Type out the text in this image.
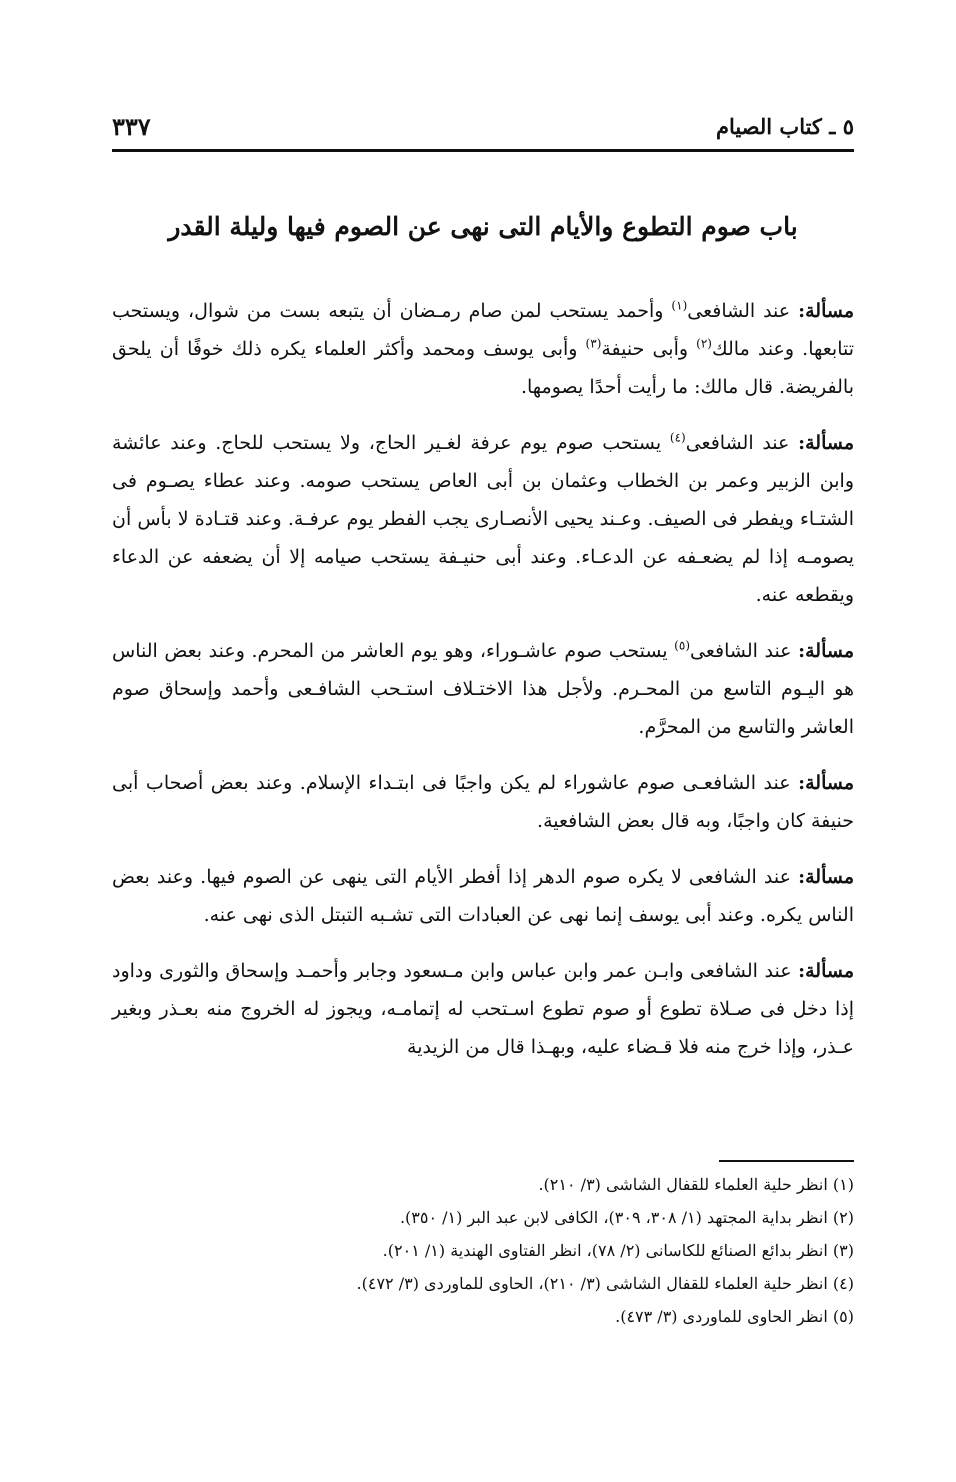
٥ ـ كتاب الصيام
٣٣٧
باب صوم التطوع والأيام التى نهى عن الصوم فيها وليلة القدر

مسألة: عند الشافعى$^{(١)}$ وأحمد يستحب لمن صام رمـضان أن يتبعه بست من شوال، ويستحب تتابعها. وعند مالك$^{(٢)}$ وأبى حنيفة$^{(٣)}$ وأبى يوسف ومحمد وأكثر العلماء يكره ذلك خوفًا أن يلحق بالفريضة. قال مالك: ما رأيت أحدًا يصومها.

مسألة: عند الشافعى$^{(٤)}$ يستحب صوم يوم عرفة لغـير الحاج، ولا يستحب للحاج. وعند عائشة وابن الزبير وعمر بن الخطاب وعثمان بن أبى العاص يستحب صومه. وعند عطاء يصـوم فى الشتـاء ويفطر فى الصيف. وعـند يحيى الأنصـارى يجب الفطر يوم عرفـة. وعند قتـادة لا بأس أن يصومـه إذا لم يضعـفه عن الدعـاء. وعند أبى حنيـفة يستحب صيامه إلا أن يضعفه عن الدعاء ويقطعه عنه.

مسألة: عند الشافعى$^{(٥)}$ يستحب صوم عاشـوراء، وهو يوم العاشر من المحرم. وعند بعض الناس هو اليـوم التاسع من المحـرم. ولأجل هذا الاختـلاف استـحب الشافـعى وأحمد وإسحاق صوم العاشر والتاسع من المحرَّم.

مسألة: عند الشافعـى صوم عاشوراء لم يكن واجبًا فى ابتـداء الإسلام. وعند بعض أصحاب أبى حنيفة كان واجبًا، وبه قال بعض الشافعية.

مسألة: عند الشافعى لا يكره صوم الدهر إذا أفطر الأيام التى ينهى عن الصوم فيها. وعند بعض الناس يكره. وعند أبى يوسف إنما نهى عن العبادات التى تشـبه التبتل الذى نهى عنه.

مسألة: عند الشافعى وابـن عمر وابن عباس وابن مـسعود وجابر وأحمـد وإسحاق والثورى وداود إذا دخل فى صـلاة تطوع أو صوم تطوع اسـتحب له إتمامـه، ويجوز له الخروج منه بعـذر وبغير عـذر، وإذا خرج منه فلا قـضاء عليه، وبهـذا قال من الزيدية

(١) انظر حلية العلماء للقفال الشاشى (٣/ ٢١٠).
(٢) انظر بداية المجتهد (١/ ٣٠٨، ٣٠٩)، الكافى لابن عبد البر (١/ ٣٥٠).
(٣) انظر بدائع الصنائع للكاسانى (٢/ ٧٨)، انظر الفتاوى الهندية (١/ ٢٠١).
(٤) انظر حلية العلماء للقفال الشاشى (٣/ ٢١٠)، الحاوى للماوردى (٣/ ٤٧٢).
(٥) انظر الحاوى للماوردى (٣/ ٤٧٣).
